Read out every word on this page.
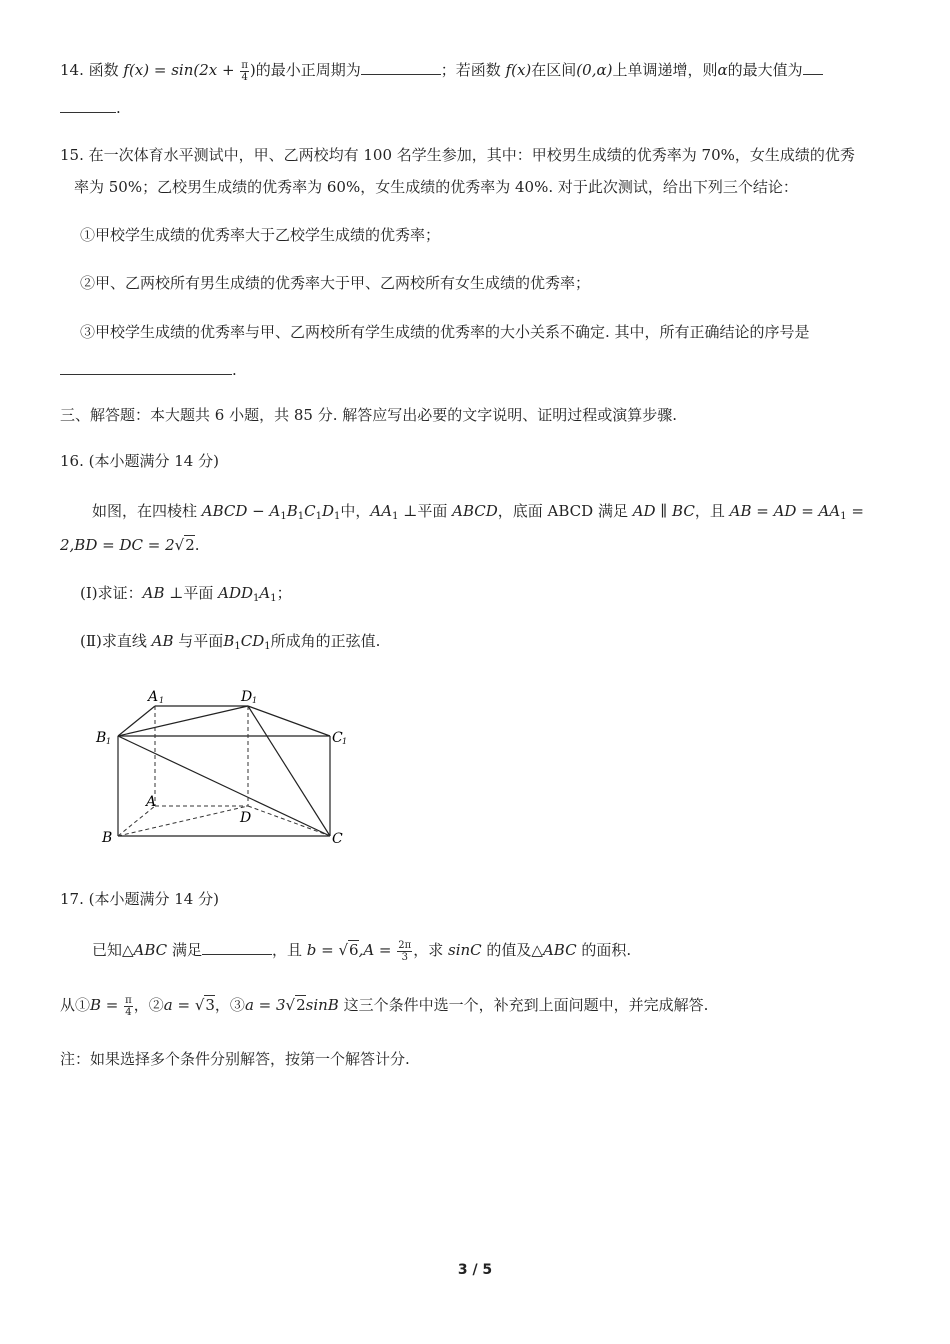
14. 函数 $f(x) = \sin(2x + \frac{\pi}{4}$ )的最小正周期为	；若函数 f(x)在区间(0,α)上单调递增，则α的最大值为
.
15. 在一次体育水平测试中，甲、乙两校均有 100 名学生参加，其中：甲校男生成绩的优秀率为 70%，女生成绩的优秀
率为 50%；乙校男生成绩的优秀率为 60%，女生成绩的优秀率为 40%. 对于此次测试，给出下列三个结论：
①甲校学生成绩的优秀率大于乙校学生成绩的优秀率；
②甲、乙两校所有男生成绩的优秀率大于甲、乙两校所有女生成绩的优秀率；
③甲校学生成绩的优秀率与甲、乙两校所有学生成绩的优秀率的大小关系不确定. 其中，所有正确结论的序号是
.
三、解答题：本大题共 6 小题，共 85 分. 解答应写出必要的文字说明、证明过程或演算步骤.
16. (本小题满分 14 分)
如图，在四棱柱 ABCD − $A_1B_1C_1D_1$中，$AA_1$ ⊥平面 ABCD，底面 ABCD 满足 AD ∥ BC，且 AB = AD = $AA_1$ =
2,BD = DC = 2√2.
(Ⅰ)求证：AB ⊥平面 $ADD_1A_1$；
(Ⅱ)求直线 AB 与平面$B_1CD_1$所成角的正弦值.
A 1	D 1
B 1	C 1
A
D
B	C
17. (本小题满分 14 分)
已知△ABC 满足	，且 $b = √6,A = \frac{2\pi}{3}$ ，求 sinC 的值及△ABC 的面积.
从①B = $\frac{\pi}{4}$ ，②a = √3，③a = 3√2sinB 这三个条件中选一个，补充到上面问题中，并完成解答.
注：如果选择多个条件分别解答，按第一个解答计分.
3 / 5
